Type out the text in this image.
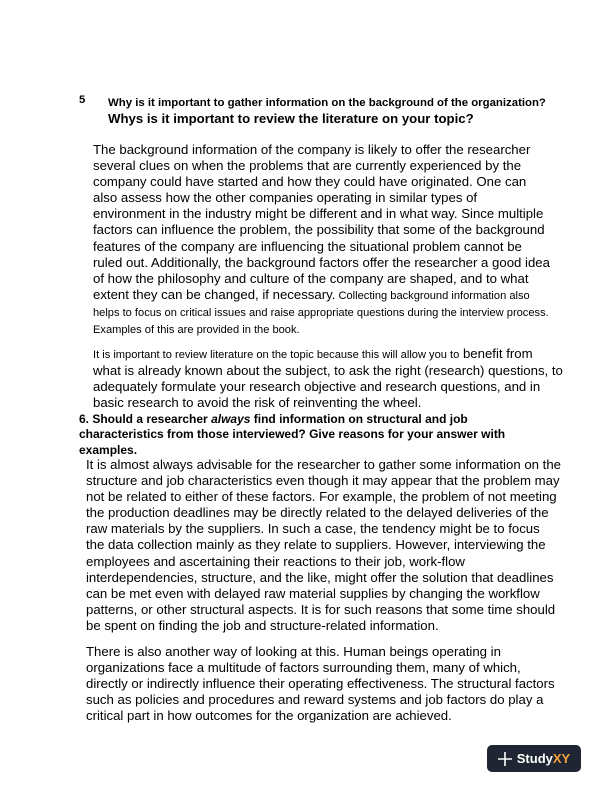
5 Why is it important to gather information on the background of the organization? Whys is it important to review the literature on your topic?
The background information of the company is likely to offer the researcher several clues on when the problems that are currently experienced by the company could have started and how they could have originated. One can also assess how the other companies operating in similar types of environment in the industry might be different and in what way. Since multiple factors can influence the problem, the possibility that some of the background features of the company are influencing the situational problem cannot be ruled out. Additionally, the background factors offer the researcher a good idea of how the philosophy and culture of the company are shaped, and to what extent they can be changed, if necessary. Collecting background information also helps to focus on critical issues and raise appropriate questions during the interview process. Examples of this are provided in the book.
It is important to review literature on the topic because this will allow you to benefit from what is already known about the subject, to ask the right (research) questions, to adequately formulate your research objective and research questions, and in basic research to avoid the risk of reinventing the wheel.
6. Should a researcher always find information on structural and job characteristics from those interviewed? Give reasons for your answer with examples.

It is almost always advisable for the researcher to gather some information on the structure and job characteristics even though it may appear that the problem may not be related to either of these factors. For example, the problem of not meeting the production deadlines may be directly related to the delayed deliveries of the raw materials by the suppliers. In such a case, the tendency might be to focus the data collection mainly as they relate to suppliers. However, interviewing the employees and ascertaining their reactions to their job, work-flow interdependencies, structure, and the like, might offer the solution that deadlines can be met even with delayed raw material supplies by changing the workflow patterns, or other structural aspects. It is for such reasons that some time should be spent on finding the job and structure-related information.

There is also another way of looking at this. Human beings operating in organizations face a multitude of factors surrounding them, many of which, directly or indirectly influence their operating effectiveness. The structural factors such as policies and procedures and reward systems and job factors do play a critical part in how outcomes for the organization are achieved.

Study XY
